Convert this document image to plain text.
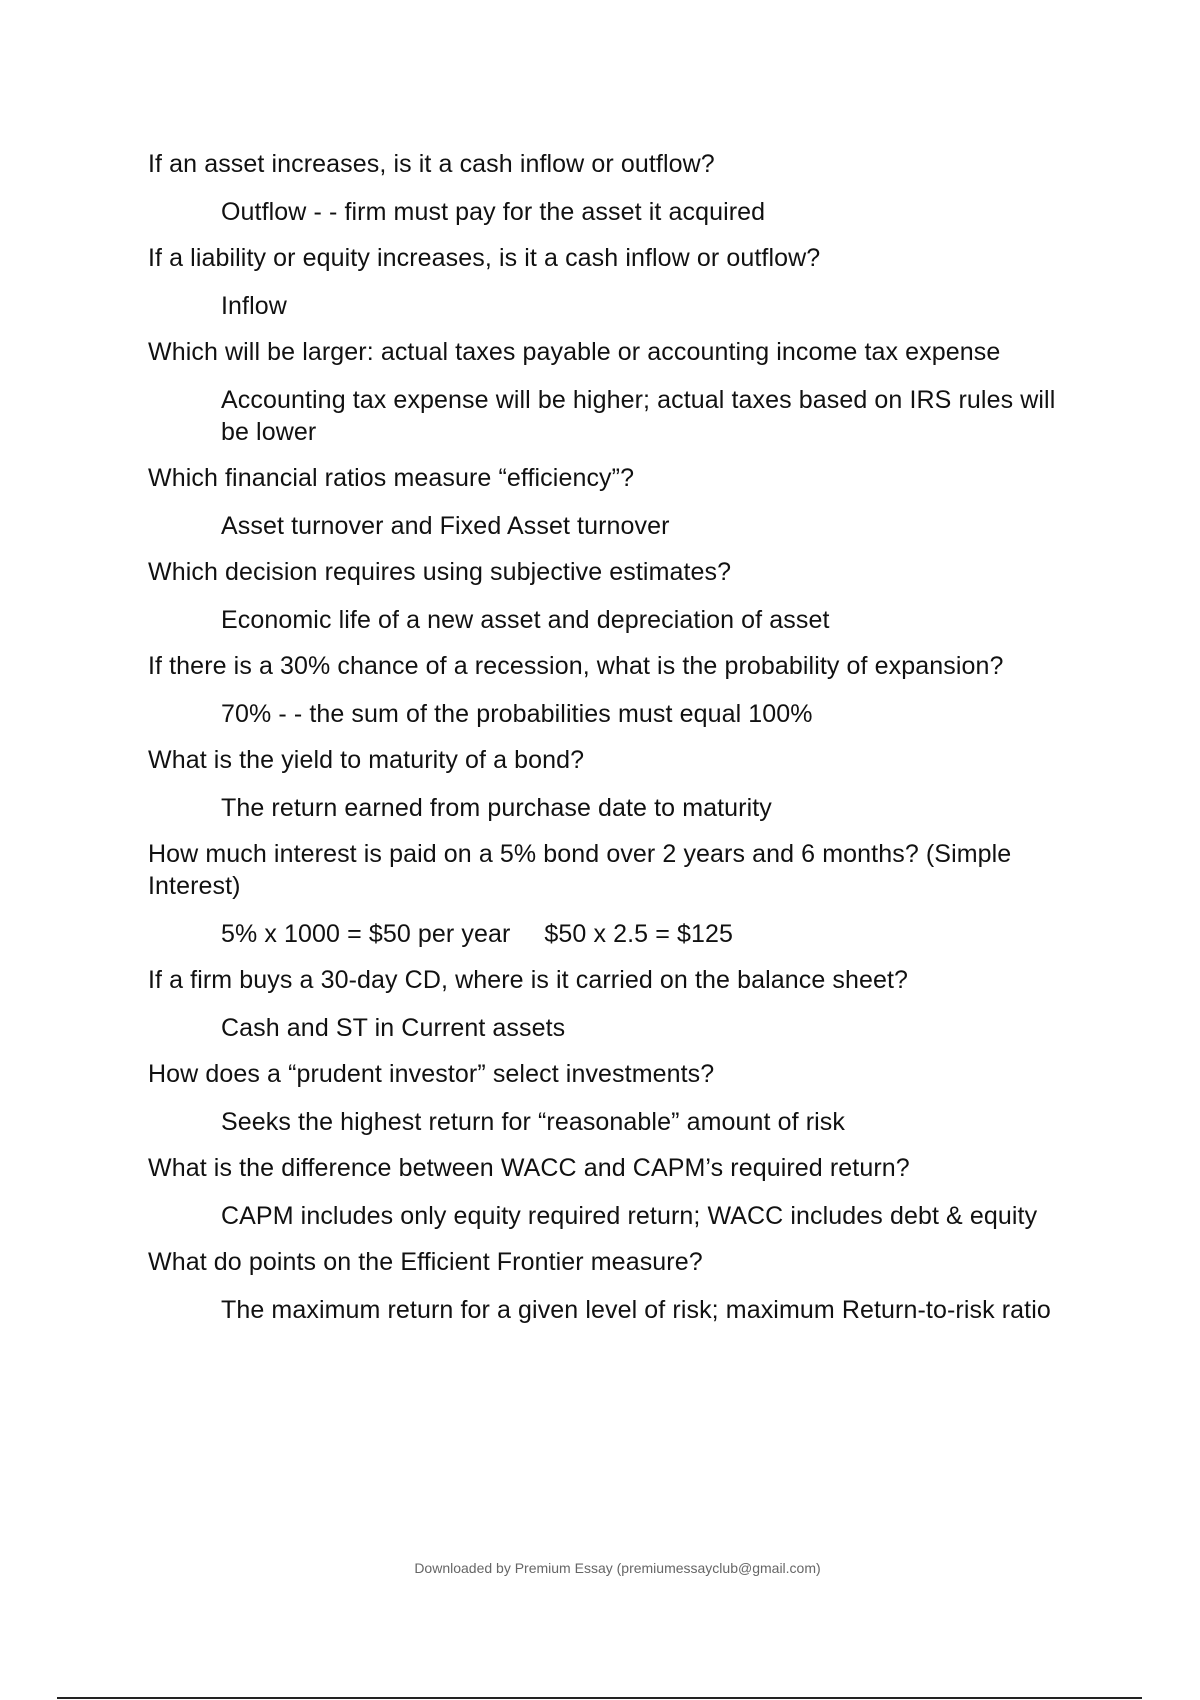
If an asset increases, is it a cash inflow or outflow?

Outflow - - firm must pay for the asset it acquired

If a liability or equity increases, is it a cash inflow or outflow?

Inflow

Which will be larger: actual taxes payable or accounting income tax expense

Accounting tax expense will be higher; actual taxes based on IRS rules will be lower

Which financial ratios measure “efficiency”?

Asset turnover and Fixed Asset turnover

Which decision requires using subjective estimates?

Economic life of a new asset and depreciation of asset

If there is a 30% chance of a recession, what is the probability of expansion?

70% - - the sum of the probabilities must equal 100%

What is the yield to maturity of a bond?

The return earned from purchase date to maturity

How much interest is paid on a 5% bond over 2 years and 6 months? (Simple Interest)

5% x 1000 = $50 per year $50 x 2.5 = $125

If a firm buys a 30-day CD, where is it carried on the balance sheet?

Cash and ST in Current assets

How does a “prudent investor” select investments?

Seeks the highest return for “reasonable” amount of risk

What is the difference between WACC and CAPM’s required return?

CAPM includes only equity required return; WACC includes debt & equity

What do points on the Efficient Frontier measure?

The maximum return for a given level of risk; maximum Return-to-risk ratio

Downloaded by Premium Essay (premiumessayclub@gmail.com)
